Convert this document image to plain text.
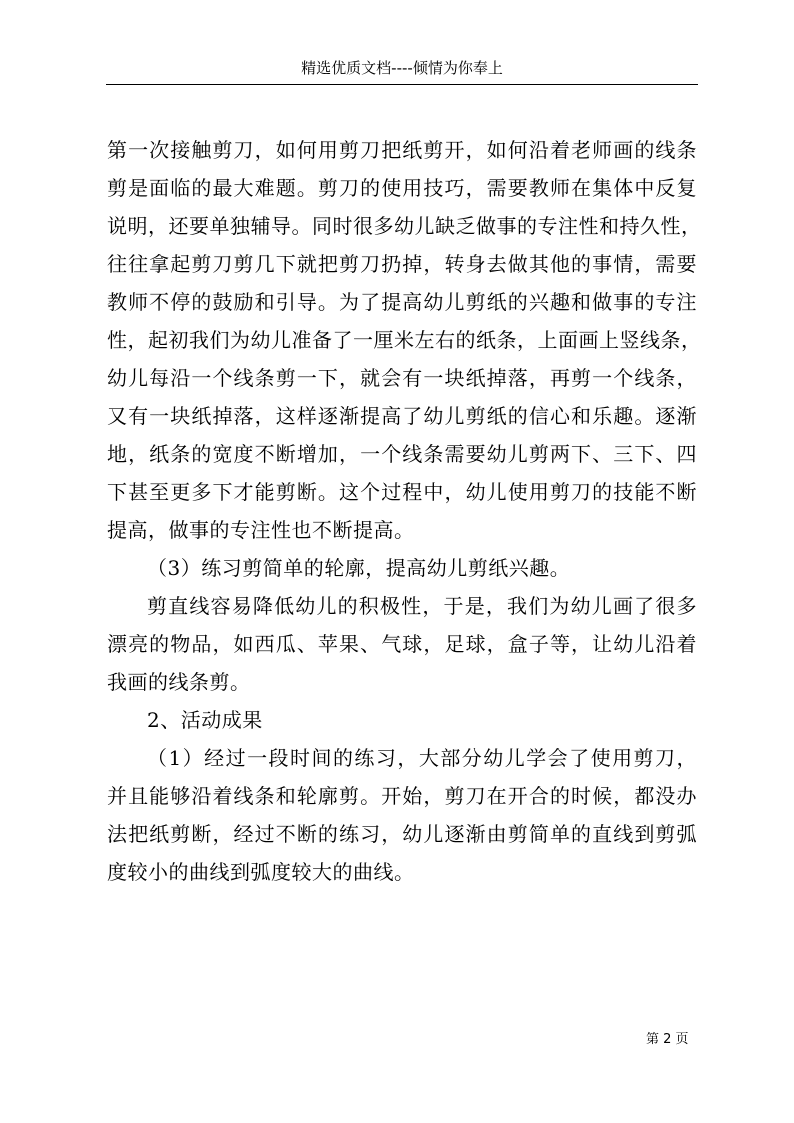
精选优质文档----倾情为你奉上
第一次接触剪刀，如何用剪刀把纸剪开，如何沿着老师画的线条
剪是面临的最大难题。剪刀的使用技巧，需要教师在集体中反复
说明，还要单独辅导。同时很多幼儿缺乏做事的专注性和持久性，
往往拿起剪刀剪几下就把剪刀扔掉，转身去做其他的事情，需要
教师不停的鼓励和引导。为了提高幼儿剪纸的兴趣和做事的专注
性，起初我们为幼儿准备了一厘米左右的纸条，上面画上竖线条，
幼儿每沿一个线条剪一下，就会有一块纸掉落，再剪一个线条，
又有一块纸掉落，这样逐渐提高了幼儿剪纸的信心和乐趣。逐渐
地，纸条的宽度不断增加，一个线条需要幼儿剪两下、三下、四
下甚至更多下才能剪断。这个过程中，幼儿使用剪刀的技能不断
提高，做事的专注性也不断提高。
（3）练习剪简单的轮廓，提高幼儿剪纸兴趣。
剪直线容易降低幼儿的积极性，于是，我们为幼儿画了很多
漂亮的物品，如西瓜、苹果、气球，足球，盒子等，让幼儿沿着
我画的线条剪。
2、活动成果
（1）经过一段时间的练习，大部分幼儿学会了使用剪刀，
并且能够沿着线条和轮廓剪。开始，剪刀在开合的时候，都没办
法把纸剪断，经过不断的练习，幼儿逐渐由剪简单的直线到剪弧
度较小的曲线到弧度较大的曲线。
第 2 页
